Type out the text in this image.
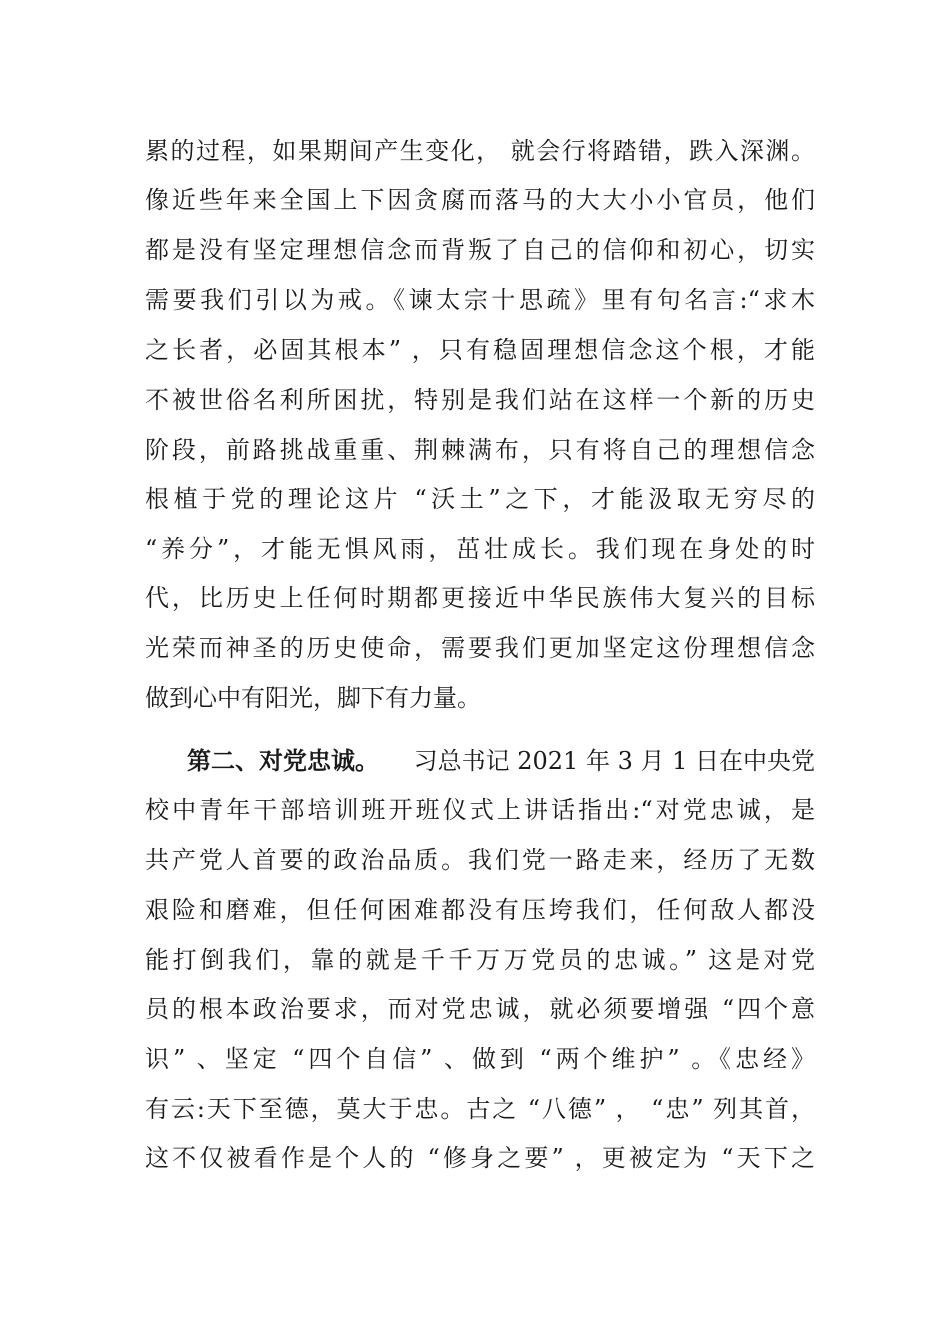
累的过程，如果期间产生变化， 就会行将踏错，跌入深渊。
像近些年来全国上下因贪腐而落马的大大小小官员，他们
都是没有坚定理想信念而背叛了自己的信仰和初心，切实
需要我们引以为戒。《谏太宗十思疏》里有句名言:“求木
之长者，必固其根本” ，只有稳固理想信念这个根，才能
不被世俗名利所困扰，特别是我们站在这样一个新的历史
阶段，前路挑战重重、荆棘满布，只有将自己的理想信念
根植于党的理论这片 “沃土”之下，才能汲取无穷尽的
“养分”，才能无惧风雨，茁壮成长。我们现在身处的时
代，比历史上任何时期都更接近中华民族伟大复兴的目标
光荣而神圣的历史使命，需要我们更加坚定这份理想信念
做到心中有阳光，脚下有力量。
第二、对党忠诚。 习总书记 2021 年 3 月 1 日在中央党
校中青年干部培训班开班仪式上讲话指出:“对党忠诚，是
共产党人首要的政治品质。我们党一路走来，经历了无数
艰险和磨难，但任何困难都没有压垮我们，任何敌人都没
能打倒我们，靠的就是千千万万党员的忠诚。” 这是对党
员的根本政治要求，而对党忠诚，就必须要增强 “四个意
识” 、坚定 “四个自信” 、做到 “两个维护” 。《忠经》
有云:天下至德，莫大于忠。古之 “八德” ， “忠” 列其首，
这不仅被看作是个人的 “修身之要” ，更被定为 “天下之
